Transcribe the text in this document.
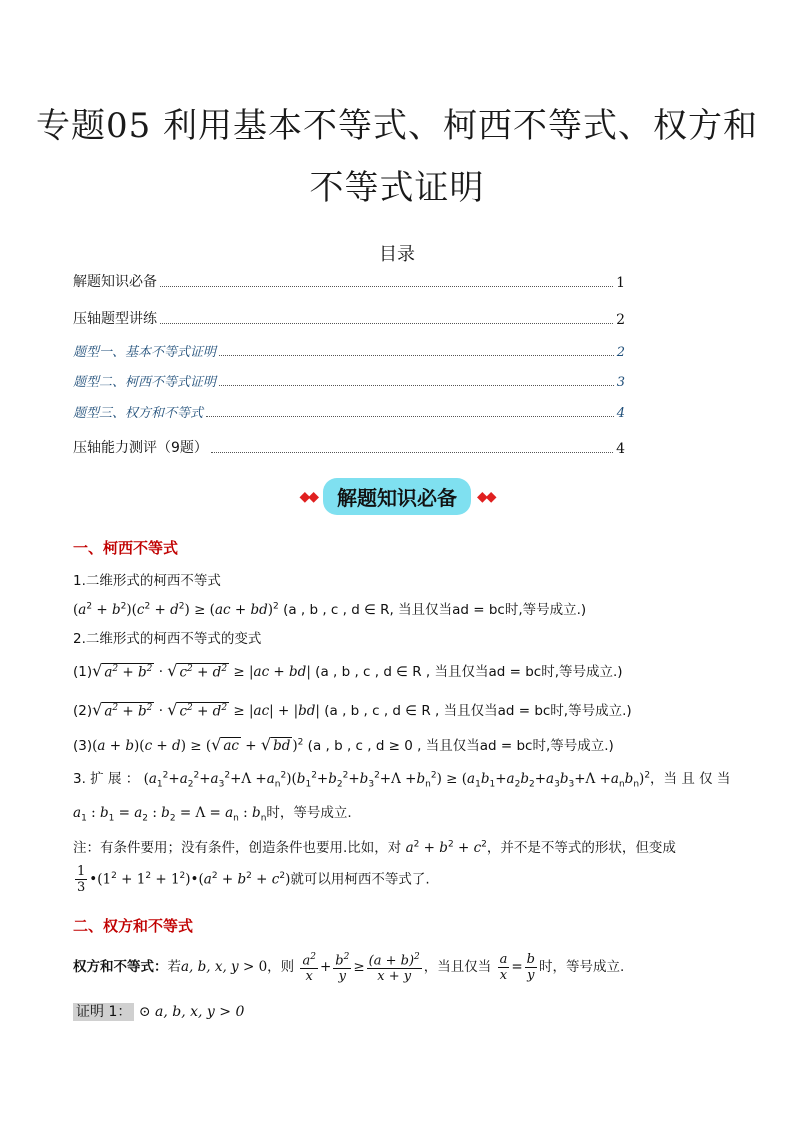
专题05 利用基本不等式、柯西不等式、权方和
不等式证明
目录
解题知识必备	1
压轴题型讲练	2
题型一、基本不等式证明	2
题型二、柯西不等式证明	3
题型三、权方和不等式	4
压轴能力测评（9题）	4
◆◆	解题知识必备	◆◆
一、柯西不等式
1.二维形式的柯西不等式
$(a^2 + b^2)(c^2 + d^2) \ge (ac + bd)^2$ (a , b , c , d ∈ R, 当且仅当ad = bc时,等号成立.)
2.二维形式的柯西不等式的变式
(1)√ $a^2 + b^2$ · √ $c^2 + d^2 \ge |ac + bd|$ (a , b , c , d ∈ R , 当且仅当ad = bc时,等号成立.)
(2)√ $a^2 + b^2$ · √ $c^2 + d^2 \ge |ac| + |bd|$ (a , b , c , d ∈ R , 当且仅当ad = bc时,等号成立.)
(3)(a + b)(c + d) ≥ (√ ac + √ bd )$^2$ (a , b , c , d ≥ 0 , 当且仅当ad = bc时,等号成立.)
3. 扩 展 ： $(a_1^2+a_2^2+a_3^2+\Lambda +a_n^2)(b_1^2+b_2^2+b_3^2+\Lambda +b_n^2) \ge (a_1b_1+a_2b_2+a_3b_3+\Lambda +a_nb_n)^2$，当 且 仅 当
$a_1$ : $b_1 = a_2$ : $b_2 = \Lambda = a_n$ : $b_n$时，等号成立.
注：有条件要用；没有条件，创造条件也要用.比如，对 $a^2 + b^2 + c^2$，并不是不等式的形状，但变成
$\frac{1}{3}$ $•(1^2 + 1^2$ + $1^2)•(a^2 + b^2 + c^2)$就可以用柯西不等式了.
二、权方和不等式
权方和不等式：若a, b, x, y > 0，则 $\frac{a^2}{x} + \frac{b^2}{y} \ge \frac{(a + b)^2}{x + y}$ ，当且仅当 $\frac{a}{x} = \frac{b}{y}$ 时，等号成立.
证明 1： ⊙ a, b, x, y > 0
